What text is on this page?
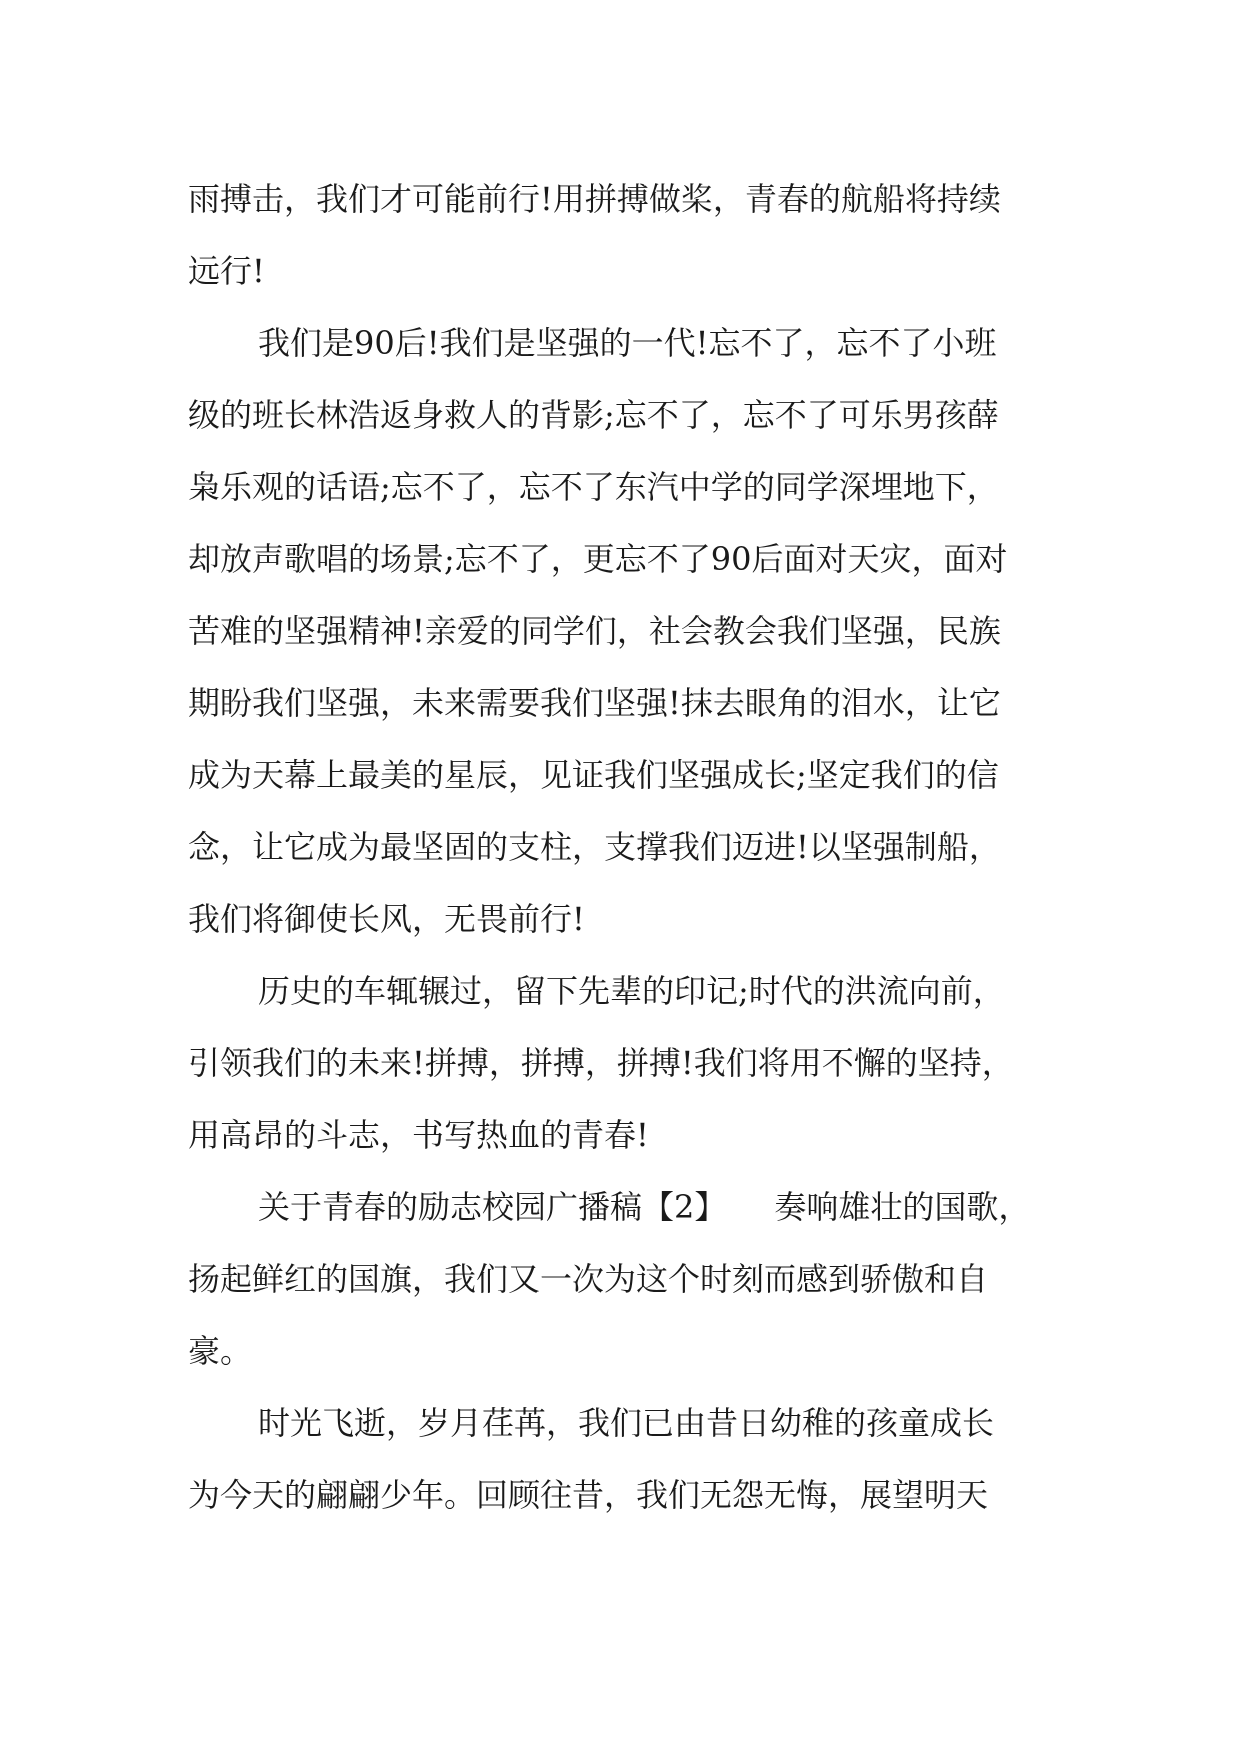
雨搏击，我们才可能前行!用拼搏做桨，青春的航船将持续
远行!
我们是90后!我们是坚强的一代!忘不了，忘不了小班
级的班长林浩返身救人的背影;忘不了，忘不了可乐男孩薛
枭乐观的话语;忘不了，忘不了东汽中学的同学深埋地下，
却放声歌唱的场景;忘不了，更忘不了90后面对天灾，面对
苦难的坚强精神!亲爱的同学们，社会教会我们坚强，民族
期盼我们坚强，未来需要我们坚强!抹去眼角的泪水，让它
成为天幕上最美的星辰，见证我们坚强成长;坚定我们的信
念，让它成为最坚固的支柱，支撑我们迈进!以坚强制船，
我们将御使长风，无畏前行!
历史的车辄辗过，留下先辈的印记;时代的洪流向前，
引领我们的未来!拼搏，拼搏，拼搏!我们将用不懈的坚持，
用高昂的斗志，书写热血的青春!
关于青春的励志校园广播稿【2】　　奏响雄壮的国歌，
扬起鲜红的国旗，我们又一次为这个时刻而感到骄傲和自
豪。
时光飞逝，岁月荏苒，我们已由昔日幼稚的孩童成长
为今天的翩翩少年。回顾往昔，我们无怨无悔，展望明天
